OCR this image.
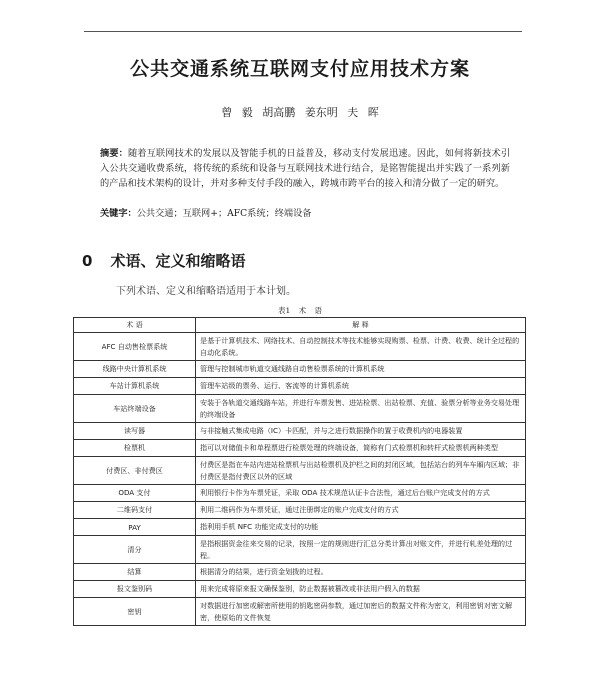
公共交通系统互联网支付应用技术方案
曾 毅 胡高鹏 姜东明 夫 晖

摘要：随着互联网技术的发展以及智能手机的日益普及，移动支付发展迅速。因此，如何将新技术引入公共交通收费系统，将传统的系统和设备与互联网技术进行结合，是铭智能提出并实践了一系列新的产品和技术架构的设计，并对多种支付手段的融入，跨城市跨平台的接入和清分做了一定的研究。

关键字：公共交通；互联网+；AFC系统；终端设备

0 术语、定义和缩略语

下列术语、定义和缩略语适用于本计划。

表1 术 语
术 语	解 释
AFC 自动售检票系统	是基于计算机技术、网络技术、自动控制技术等技术能够实现购票、检票、计费、收费、统计全过程的自动化系统。
线路中央计算机系统	管理与控制城市轨道交通线路自动售检票系统的计算机系统
车站计算机系统	管理车站级的票务、运行、客流等的计算机系统
车站终端设备	安装于各轨道交通线路车站，并进行车票发售、进站检票、出站检票、充值、验票分析等业务交易处理的终端设备
读写器	与非接触式集成电路（IC）卡匹配，并与之进行数据操作的置于收费机内的电器装置
检票机	指可以对储值卡和单程票进行检票处理的终端设备，简称有门式检票机和转杆式检票机两种类型
付费区、非付费区	付费区是指在车站内进站检票机与出站检票机及护栏之间的封闭区域，包括站台的列车车厢内区域；非付费区是指付费区以外的区域
ODA 支付	利用银行卡作为车票凭证，采取 ODA 技术规范认证卡合法性，通过后台账户完成支付的方式
二维码支付	利用二维码作为车票凭证，通过注册绑定的账户完成支付的方式
PAY	指利用手机 NFC 功能完成支付的功能
清分	是指根据资金往来交易的记录，按照一定的规则进行汇总分类计算出对账文件，并进行轧差处理的过程。
结算	根据清分的结果，进行资金划拨的过程。
报文鉴别码	用来完成将原来报文确保鉴别，防止数据被篡改或非法用户假入的数据
密钥	对数据进行加密或解密所使用的钥匙密码参数，通过加密后的数据文件称为密文，利用密钥对密文解密，使原始的文件恢复
